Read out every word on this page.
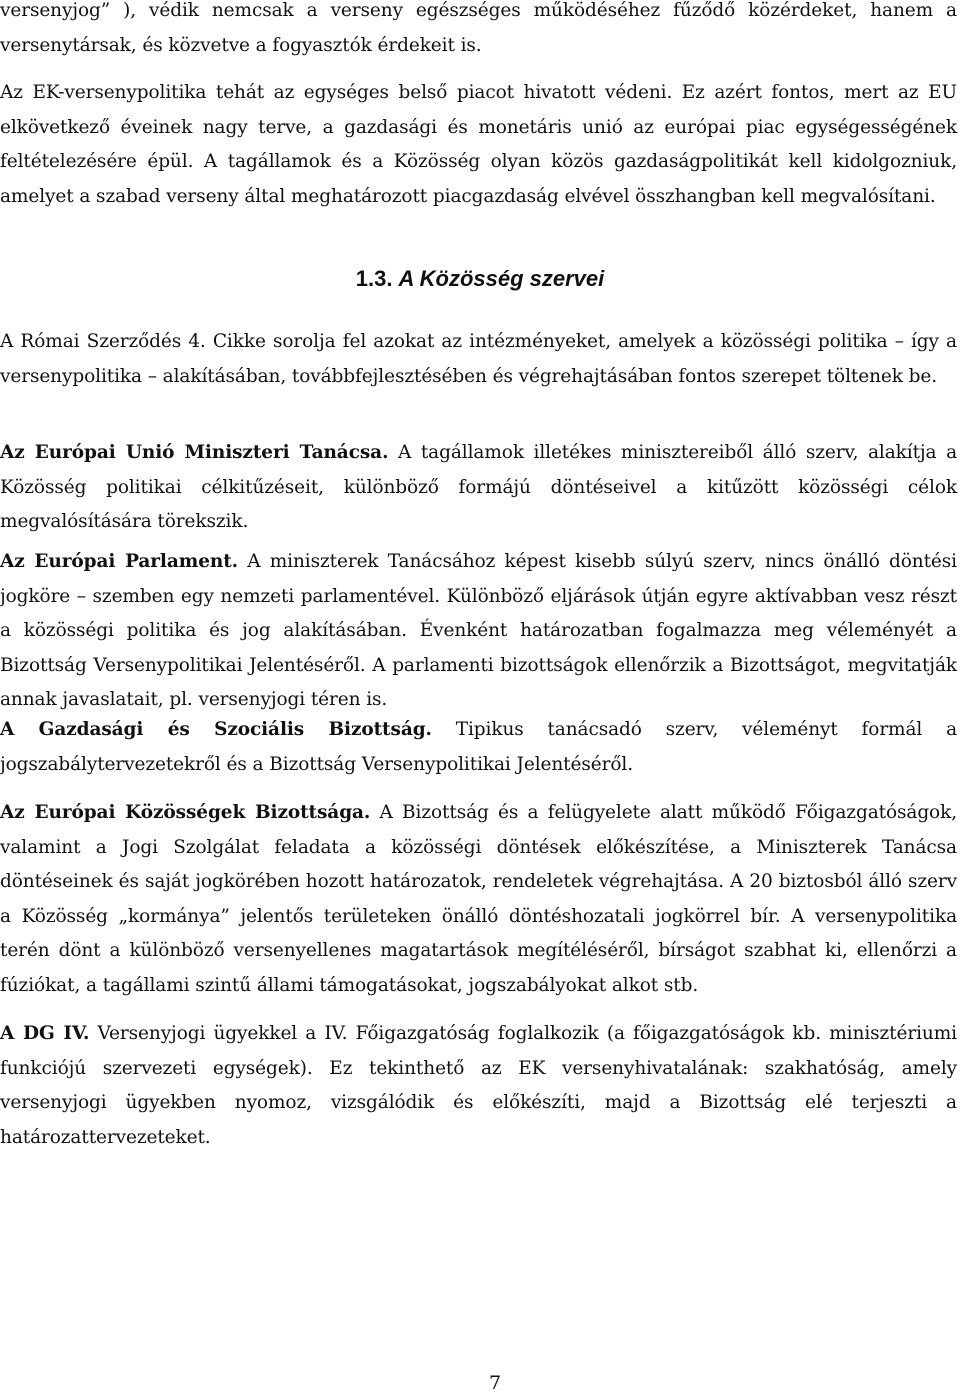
versenyjog” ), védik nemcsak a verseny egészséges működéséhez fűződő közérdeket, hanem a versenytársak, és közvetve a fogyasztók érdekeit is.

Az EK-versenypolitika tehát az egységes belső piacot hivatott védeni. Ez azért fontos, mert az EU elkövetkező éveinek nagy terve, a gazdasági és monetáris unió az európai piac egységességének feltételezésére épül. A tagállamok és a Közösség olyan közös gazdaságpolitikát kell kidolgozniuk, amelyet a szabad verseny által meghatározott piacgazdaság elvével összhangban kell megvalósítani.

1.3. A Közösség szervei

A Római Szerződés 4. Cikke sorolja fel azokat az intézményeket, amelyek a közösségi politika – így a versenypolitika – alakításában, továbbfejlesztésében és végrehajtásában fontos szerepet töltenek be.

Az Európai Unió Miniszteri Tanácsa. A tagállamok illetékes minisztereiből álló szerv, alakítja a Közösség politikai célkitűzéseit, különböző formájú döntéseivel a kitűzött közösségi célok megvalósítására törekszik.

Az Európai Parlament. A miniszterek Tanácsához képest kisebb súlyú szerv, nincs önálló döntési jogköre – szemben egy nemzeti parlamentével. Különböző eljárások útján egyre aktívabban vesz részt a közösségi politika és jog alakításában. Évenként határozatban fogalmazza meg véleményét a Bizottság Versenypolitikai Jelentéséről. A parlamenti bizottságok ellenőrzik a Bizottságot, megvitatják annak javaslatait, pl. versenyjogi téren is.

A Gazdasági és Szociális Bizottság. Tipikus tanácsadó szerv, véleményt formál a jogszabálytervezetekről és a Bizottság Versenypolitikai Jelentéséről.

Az Európai Közösségek Bizottsága. A Bizottság és a felügyelete alatt működő Főigazgatóságok, valamint a Jogi Szolgálat feladata a közösségi döntések előkészítése, a Miniszterek Tanácsa döntéseinek és saját jogkörében hozott határozatok, rendeletek végrehajtása. A 20 biztosból álló szerv a Közösség „kormánya” jelentős területeken önálló döntéshozatali jogkörrel bír. A versenypolitika terén dönt a különböző versenyellenes magatartások megítéléséről, bírságot szabhat ki, ellenőrzi a fúziókat, a tagállami szintű állami támogatásokat, jogszabályokat alkot stb.

A DG IV. Versenyjogi ügyekkel a IV. Főigazgatóság foglalkozik (a főigazgatóságok kb. minisztériumi funkciójú szervezeti egységek). Ez tekinthető az EK versenyhivatalának: szakhatóság, amely versenyjogi ügyekben nyomoz, vizsgálódik és előkészíti, majd a Bizottság elé terjeszti a határozattervezeteket.

7
